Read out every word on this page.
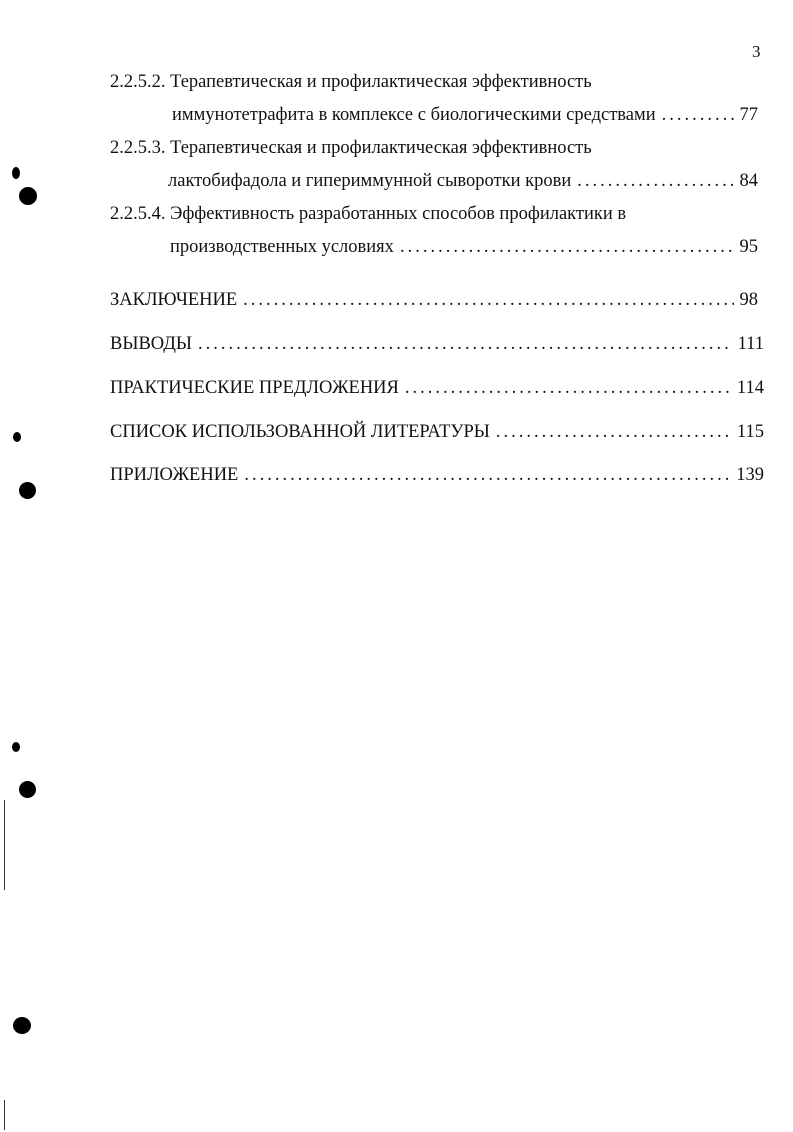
3
2.2.5.2. Терапевтическая и профилактическая эффективность
иммунотетрафита в комплексе с биологическими средствами .....	77
2.2.5.3. Терапевтическая и профилактическая эффективность
лактобифадола и гипериммунной сыворотки крови .....	84
2.2.5.4. Эффективность разработанных способов профилактики в
производственных условиях .....	95
ЗАКЛЮЧЕНИЕ .....	98
ВЫВОДЫ .....	111
ПРАКТИЧЕСКИЕ ПРЕДЛОЖЕНИЯ .....	114
СПИСОК ИСПОЛЬЗОВАННОЙ ЛИТЕРАТУРЫ .....	115
ПРИЛОЖЕНИЕ .....	139
